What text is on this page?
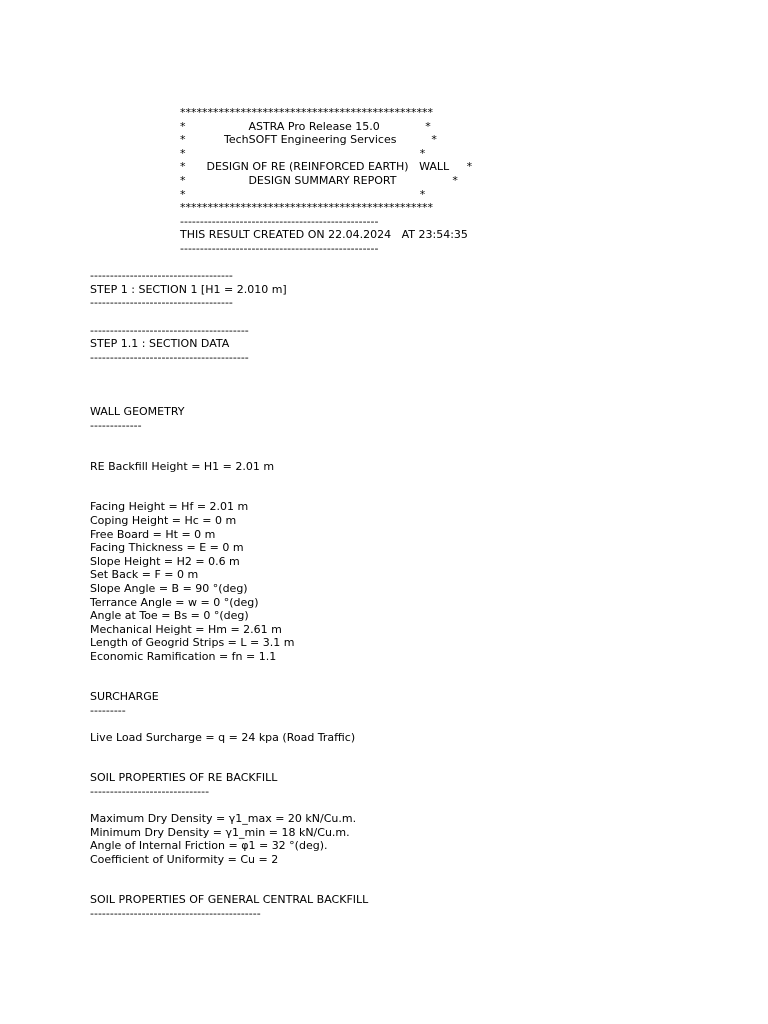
**********************************************
*                  ASTRA Pro Release 15.0             *
*           TechSOFT Engineering Services          *
*                                                                   *
*      DESIGN OF RE (REINFORCED EARTH)   WALL     *
*                  DESIGN SUMMARY REPORT                *
*                                                                   *
**********************************************
--------------------------------------------------
THIS RESULT CREATED ON 22.04.2024   AT 23:54:35
--------------------------------------------------
------------------------------------
STEP 1 : SECTION 1 [H1 = 2.010 m]
------------------------------------
----------------------------------------
STEP 1.1 : SECTION DATA
----------------------------------------
WALL GEOMETRY
-------------
RE Backfill Height = H1 = 2.01 m
Facing Height = Hf = 2.01 m
Coping Height = Hc = 0 m
Free Board = Ht = 0 m
Facing Thickness = E = 0 m
Slope Height = H2 = 0.6 m
Set Back = F = 0 m
Slope Angle = B = 90 °(deg)
Terrance Angle = w = 0 °(deg)
Angle at Toe = Bs = 0 °(deg)
Mechanical Height = Hm = 2.61 m
Length of Geogrid Strips = L = 3.1 m
Economic Ramification = fn = 1.1
SURCHARGE
---------
Live Load Surcharge = q = 24 kpa (Road Traffic)
SOIL PROPERTIES OF RE BACKFILL
------------------------------
Maximum Dry Density = γ1_max = 20 kN/Cu.m.
Minimum Dry Density = γ1_min = 18 kN/Cu.m.
Angle of Internal Friction = φ1 = 32 °(deg).
Coefficient of Uniformity = Cu = 2
SOIL PROPERTIES OF GENERAL CENTRAL BACKFILL
-------------------------------------------
